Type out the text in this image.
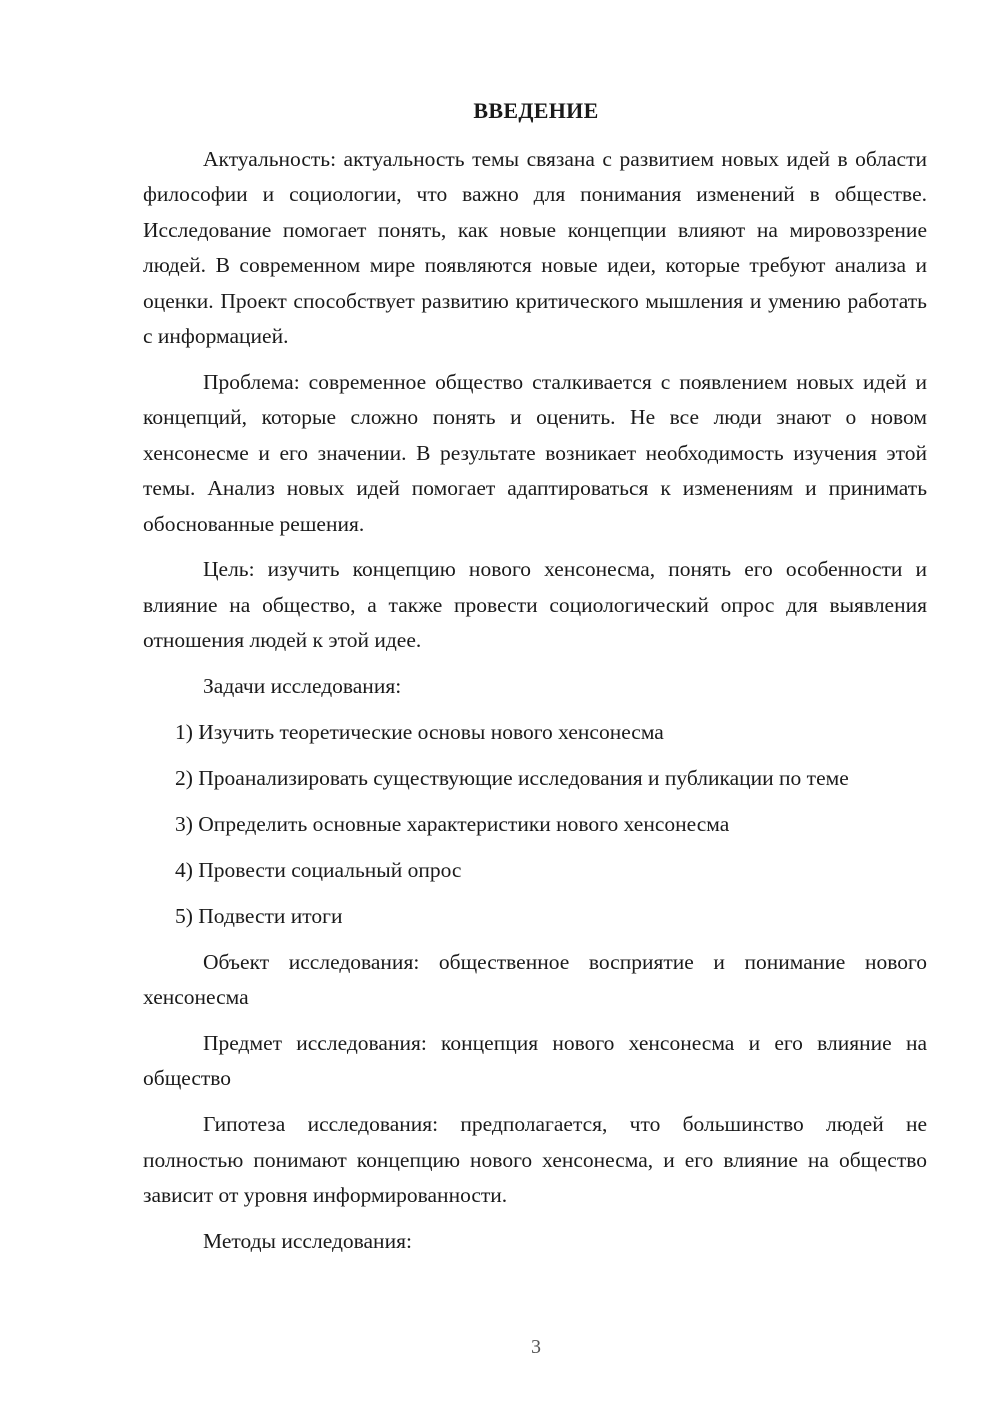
ВВЕДЕНИЕ

Актуальность: актуальность темы связана с развитием новых идей в области философии и социологии, что важно для понимания изменений в обществе. Исследование помогает понять, как новые концепции влияют на мировоззрение людей. В современном мире появляются новые идеи, которые требуют анализа и оценки. Проект способствует развитию критического мышления и умению работать с информацией.

Проблема: современное общество сталкивается с появлением новых идей и концепций, которые сложно понять и оценить. Не все люди знают о новом хенсонесме и его значении. В результате возникает необходимость изучения этой темы. Анализ новых идей помогает адаптироваться к изменениям и принимать обоснованные решения.

Цель: изучить концепцию нового хенсонесма, понять его особенности и влияние на общество, а также провести социологический опрос для выявления отношения людей к этой идее.

Задачи исследования:

1) Изучить теоретические основы нового хенсонесма

2) Проанализировать существующие исследования и публикации по теме

3) Определить основные характеристики нового хенсонесма

4) Провести социальный опрос

5) Подвести итоги

Объект исследования: общественное восприятие и понимание нового хенсонесма

Предмет исследования: концепция нового хенсонесма и его влияние на общество

Гипотеза исследования: предполагается, что большинство людей не полностью понимают концепцию нового хенсонесма, и его влияние на общество зависит от уровня информированности.

Методы исследования:

3
